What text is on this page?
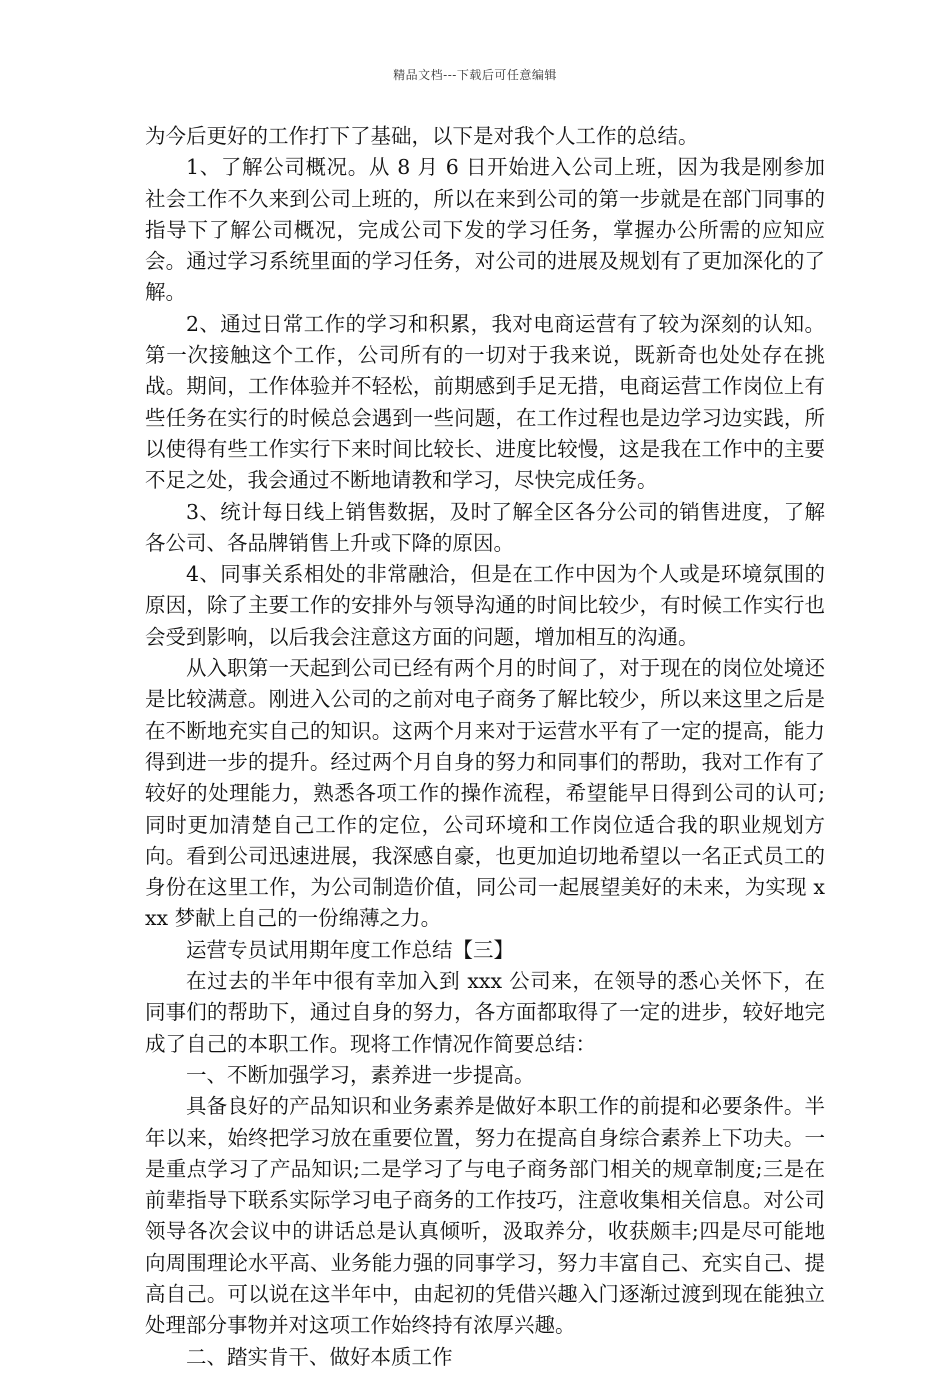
精品文档---下载后可任意编辑

为今后更好的工作打下了基础，以下是对我个人工作的总结。

1、了解公司概况。从 8 月 6 日开始进入公司上班，因为我是刚参加社会工作不久来到公司上班的，所以在来到公司的第一步就是在部门同事的指导下了解公司概况，完成公司下发的学习任务，掌握办公所需的应知应会。通过学习系统里面的学习任务，对公司的进展及规划有了更加深化的了解。

2、通过日常工作的学习和积累，我对电商运营有了较为深刻的认知。第一次接触这个工作，公司所有的一切对于我来说，既新奇也处处存在挑战。期间，工作体验并不轻松，前期感到手足无措，电商运营工作岗位上有些任务在实行的时候总会遇到一些问题，在工作过程也是边学习边实践，所以使得有些工作实行下来时间比较长、进度比较慢，这是我在工作中的主要不足之处，我会通过不断地请教和学习，尽快完成任务。

3、统计每日线上销售数据，及时了解全区各分公司的销售进度，了解各公司、各品牌销售上升或下降的原因。

4、同事关系相处的非常融洽，但是在工作中因为个人或是环境氛围的原因，除了主要工作的安排外与领导沟通的时间比较少，有时候工作实行也会受到影响，以后我会注意这方面的问题，增加相互的沟通。

从入职第一天起到公司已经有两个月的时间了，对于现在的岗位处境还是比较满意。刚进入公司的之前对电子商务了解比较少，所以来这里之后是在不断地充实自己的知识。这两个月来对于运营水平有了一定的提高，能力得到进一步的提升。经过两个月自身的努力和同事们的帮助，我对工作有了较好的处理能力，熟悉各项工作的操作流程，希望能早日得到公司的认可;同时更加清楚自己工作的定位，公司环境和工作岗位适合我的职业规划方向。看到公司迅速进展，我深感自豪，也更加迫切地希望以一名正式员工的身份在这里工作，为公司制造价值，同公司一起展望美好的未来，为实现 xxx 梦献上自己的一份绵薄之力。

运营专员试用期年度工作总结【三】

在过去的半年中很有幸加入到 xxx 公司来，在领导的悉心关怀下，在同事们的帮助下，通过自身的努力，各方面都取得了一定的进步，较好地完成了自己的本职工作。现将工作情况作简要总结：

一、不断加强学习，素养进一步提高。

具备良好的产品知识和业务素养是做好本职工作的前提和必要条件。半年以来，始终把学习放在重要位置，努力在提高自身综合素养上下功夫。一是重点学习了产品知识;二是学习了与电子商务部门相关的规章制度;三是在前辈指导下联系实际学习电子商务的工作技巧，注意收集相关信息。对公司领导各次会议中的讲话总是认真倾听，汲取养分，收获颇丰;四是尽可能地向周围理论水平高、业务能力强的同事学习，努力丰富自己、充实自己、提高自己。可以说在这半年中，由起初的凭借兴趣入门逐渐过渡到现在能独立处理部分事物并对这项工作始终持有浓厚兴趣。

二、踏实肯干、做好本质工作
